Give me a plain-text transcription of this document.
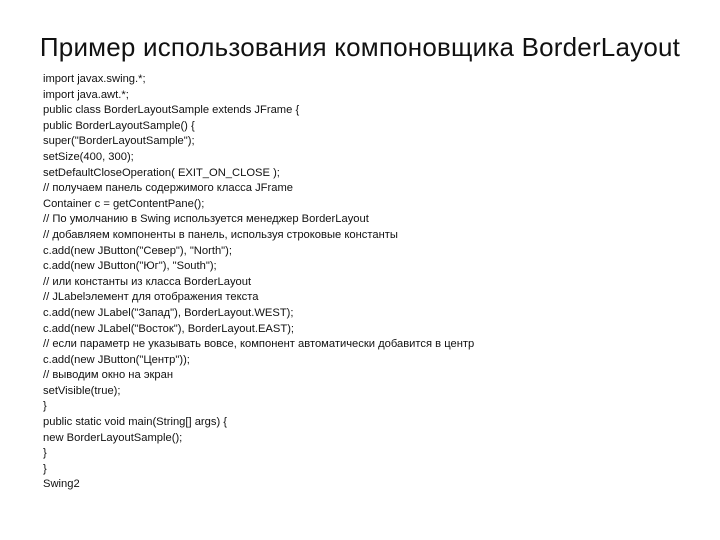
Пример использования компоновщика BorderLayout
import javax.swing.*;
import java.awt.*;
public class BorderLayoutSample extends JFrame {
public BorderLayoutSample() {
super("BorderLayoutSample");
setSize(400, 300);
setDefaultCloseOperation( EXIT_ON_CLOSE );
// получаем панель содержимого класса JFrame
Container c = getContentPane();
// По умолчанию в Swing используется менеджер BorderLayout
// добавляем компоненты в панель, используя строковые константы
c.add(new JButton("Север"), "North");
c.add(new JButton("Юг"), "South");
// или константы из класса BorderLayout
// JLabelэлемент для отображения текста
c.add(new JLabel("Запад"), BorderLayout.WEST);
c.add(new JLabel("Восток"), BorderLayout.EAST);
// если параметр не указывать вовсе, компонент автоматически добавится в центр
c.add(new JButton("Центр"));
// выводим окно на экран
setVisible(true);
}
public static void main(String[] args) {
new BorderLayoutSample();
}
}
Swing2
